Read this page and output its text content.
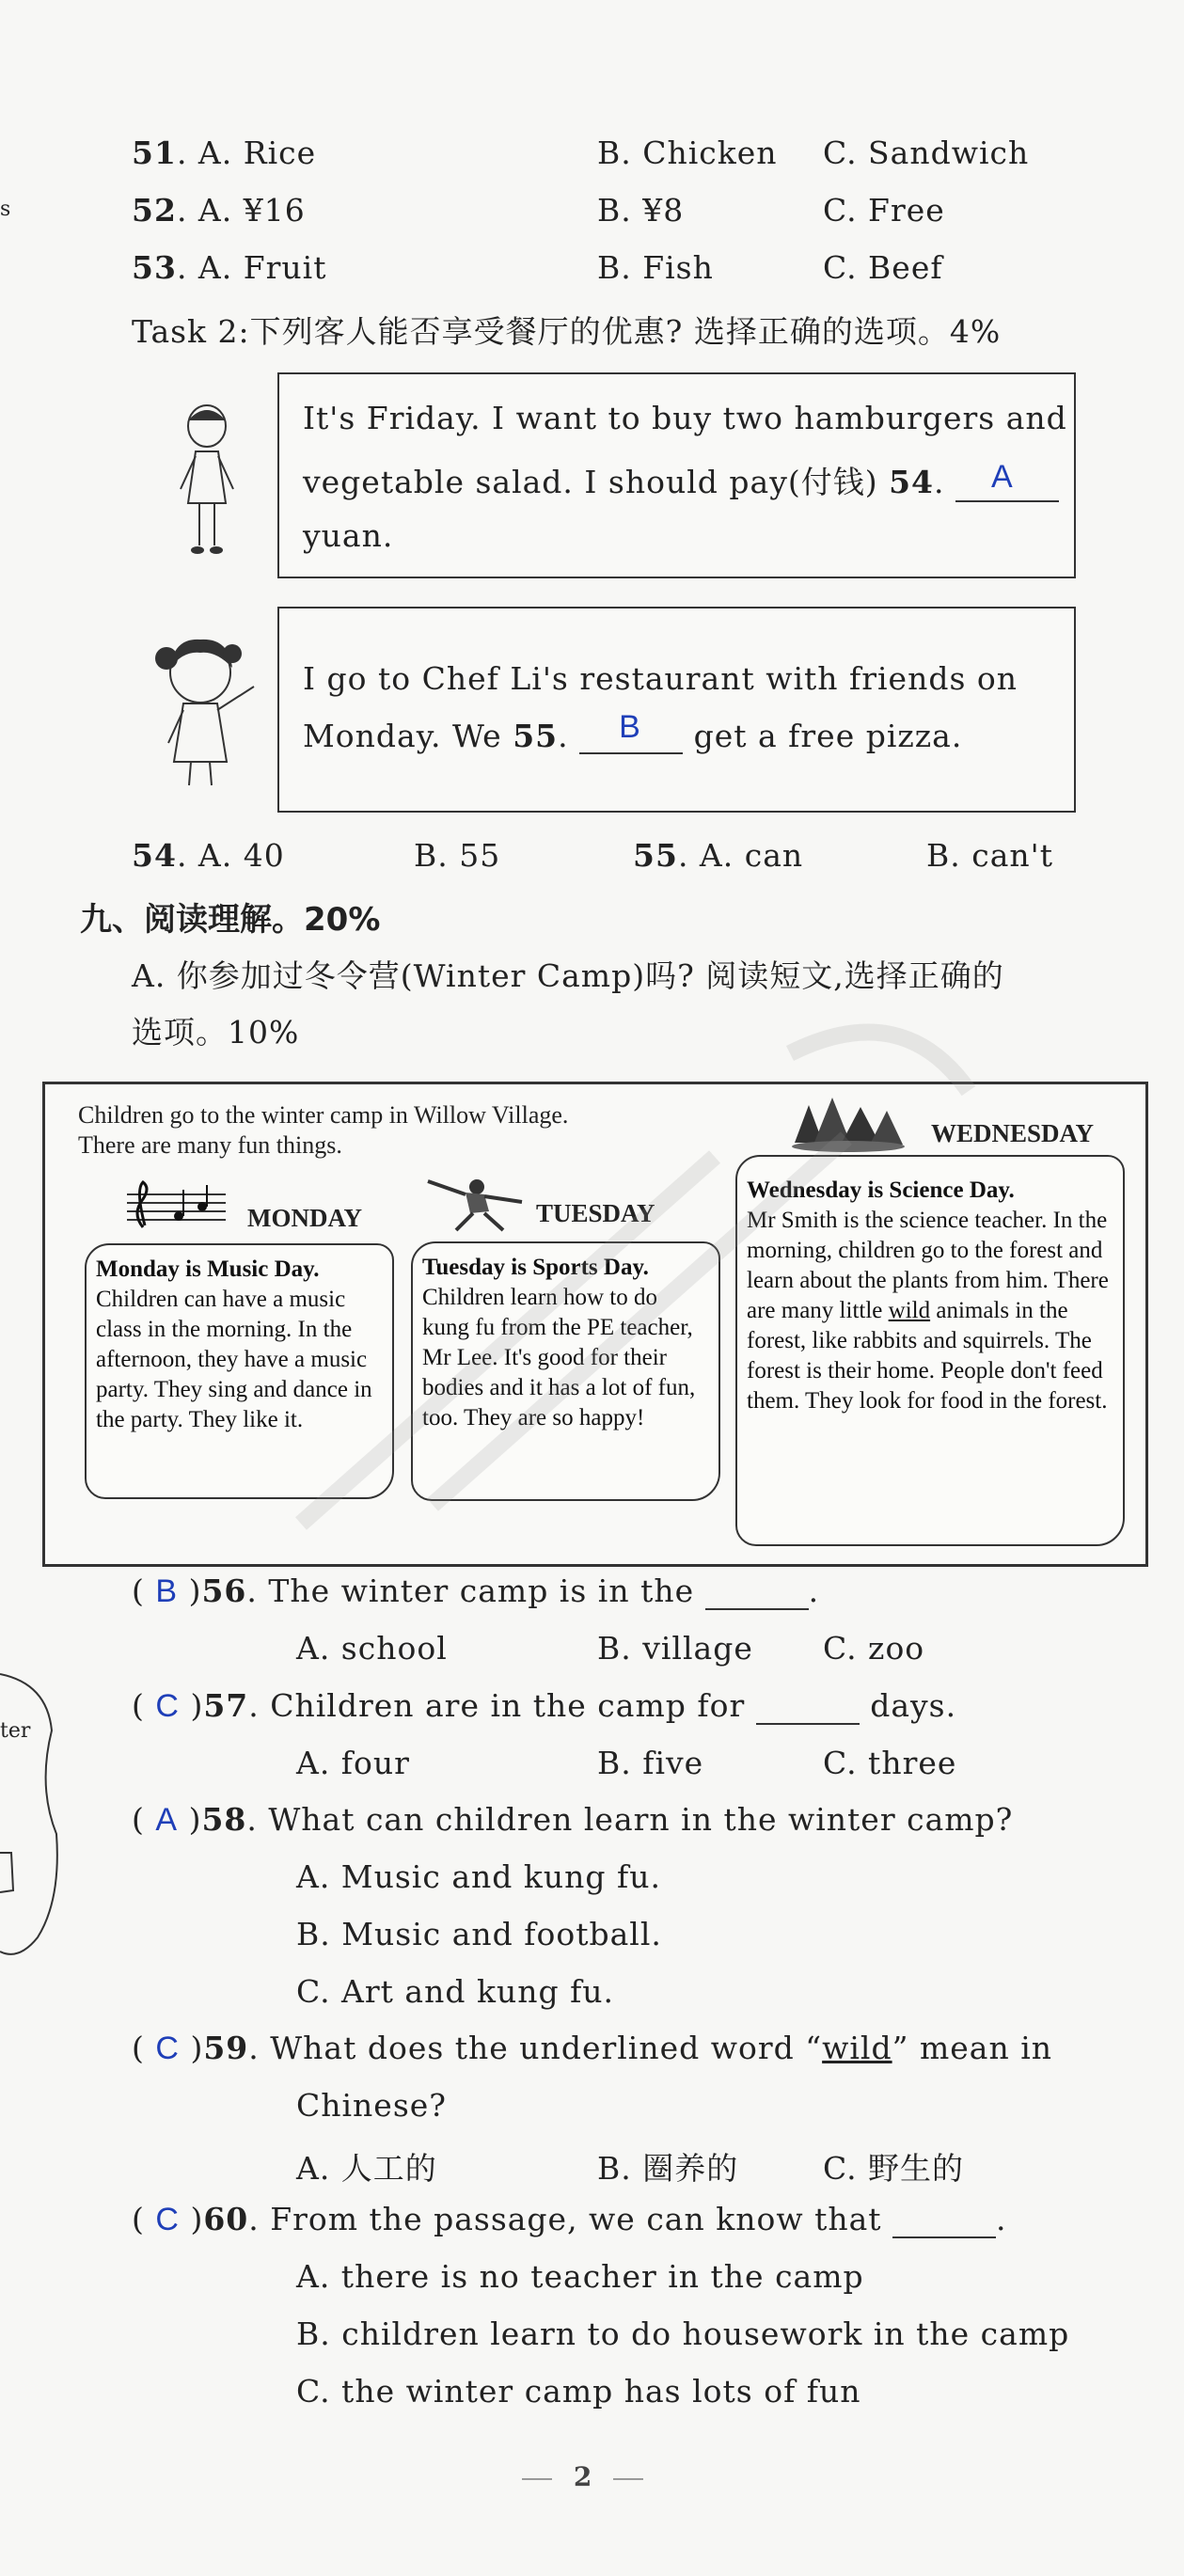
s
ter
51. A. Rice	B. Chicken C. Sandwich
52. A. ¥16	B. ¥8	C. Free
53. A. Fruit	B. Fish	C. Beef
Task 2:下列客人能否享受餐厅的优惠? 选择正确的选项。4%
It's Friday. I want to buy two hamburgers and
vegetable salad. I should pay(付钱) 54. A
yuan.
I go to Chef Li's restaurant with friends on
Monday. We 55. B get a free pizza.
54. A. 40	B. 55	55. A. can	B. can't
九、阅读理解。20%
A. 你参加过冬令营(Winter Camp)吗? 阅读短文,选择正确的
选项。10%
Children go to the winter camp in Willow Village.
There are many fun things.
MONDAY
Monday is Music Day.
Children can have a music class in the morning. In the afternoon, they have a music party. They sing and dance in the party. They like it.
TUESDAY
Tuesday is Sports Day.
Children learn how to do kung fu from the PE teacher, Mr Lee. It's good for their bodies and it has a lot of fun, too. They are so happy!
WEDNESDAY
Wednesday is Science Day.
Mr Smith is the science teacher. In the morning, children go to the forest and learn about the plants from him. There are many little wild animals in the forest, like rabbits and squirrels. The forest is their home. People don't feed them. They look for food in the forest.
( B )56. The winter camp is in the	.
A. school	B. village C. zoo
( C )57. Children are in the camp for	days.
A. four	B. five	C. three
( A )58. What can children learn in the winter camp?
A. Music and kung fu.
B. Music and football.
C. Art and kung fu.
( C )59. What does the underlined word “wild” mean in
Chinese?
A. 人工的	B. 圈养的	C. 野生的
( C )60. From the passage, we can know that	.
A. there is no teacher in the camp
B. children learn to do housework in the camp
C. the winter camp has lots of fun
2
